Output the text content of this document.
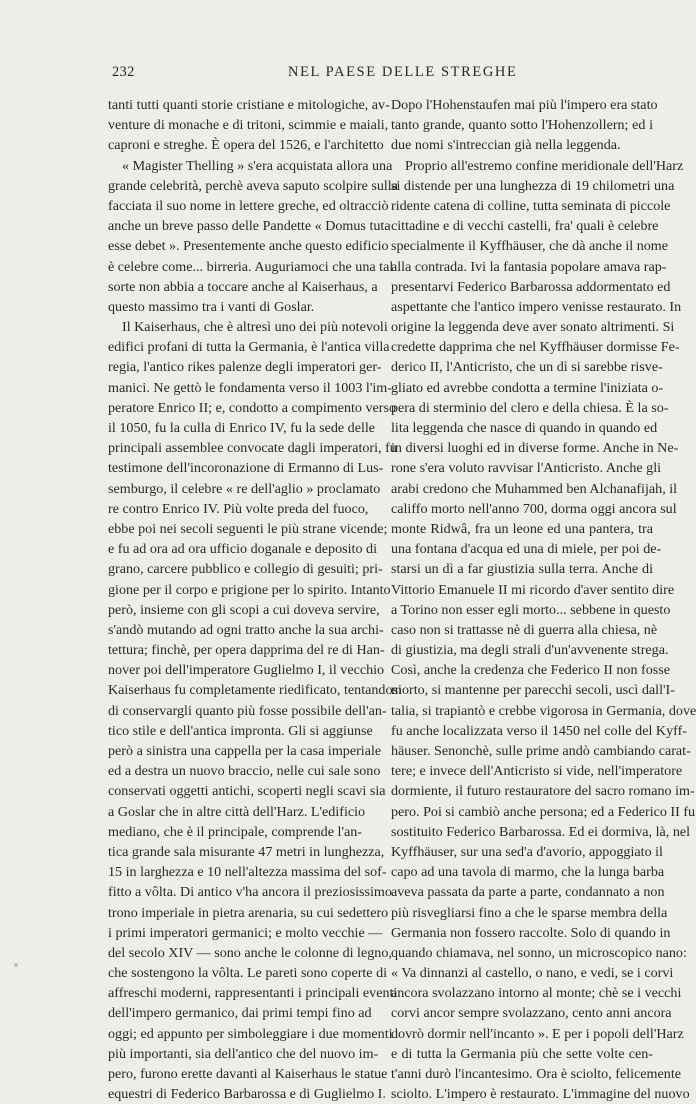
232	NEL PAESE DELLE STREGHE
tanti tutti quanti storie cristiane e mitologiche, av-
venture di monache e di tritoni, scimmie e maiali,
caproni e streghe. È opera del 1526, e l'architetto
« Magister Thelling » s'era acquistata allora una
grande celebrità, perchè aveva saputo scolpire sulla
facciata il suo nome in lettere greche, ed oltracciò
anche un breve passo delle Pandette « Domus tuta
esse debet ». Presentemente anche questo edificio
è celebre come... birreria. Auguriamoci che una tal
sorte non abbia a toccare anche al Kaiserhaus, a
questo massimo tra i vanti di Goslar.
Il Kaiserhaus, che è altresì uno dei più notevoli
edifici profani di tutta la Germania, è l'antica villa
regia, l'antico rikes palenze degli imperatori ger-
manici. Ne gettò le fondamenta verso il 1003 l'im-
peratore Enrico II; e, condotto a compimento verso
il 1050, fu la culla di Enrico IV, fu la sede delle
principali assemblee convocate dagli imperatori, fu
testimone dell'incoronazione di Ermanno di Lus-
semburgo, il celebre « re dell'aglio » proclamato
re contro Enrico IV. Più volte preda del fuoco,
ebbe poi nei secoli seguenti le più strane vicende;
e fu ad ora ad ora ufficio doganale e deposito di
grano, carcere pubblico e collegio di gesuiti; pri-
gione per il corpo e prigione per lo spirito. Intanto
però, insieme con gli scopi a cui doveva servire,
s'andò mutando ad ogni tratto anche la sua archi-
tettura; finchè, per opera dapprima del re di Han-
nover poi dell'imperatore Guglielmo I, il vecchio
Kaiserhaus fu completamente riedificato, tentandosi
di conservargli quanto più fosse possibile dell'an-
tico stile e dell'antica impronta. Gli si aggiunse
però a sinistra una cappella per la casa imperiale
ed a destra un nuovo braccio, nelle cui sale sono
conservati oggetti antichi, scoperti negli scavi sia
a Goslar che in altre città dell'Harz. L'edificio
mediano, che è il principale, comprende l'an-
tica grande sala misurante 47 metri in lunghezza,
15 in larghezza e 10 nell'altezza massima del sof-
fitto a vôlta. Di antico v'ha ancora il preziosissimo
trono imperiale in pietra arenaria, su cui sedettero
i primi imperatori germanici; e molto vecchie —
del secolo XIV — sono anche le colonne di legno,
che sostengono la vôlta. Le pareti sono coperte di
affreschi moderni, rappresentanti i principali eventi
dell'impero germanico, dai primi tempi fino ad
oggi; ed appunto per simboleggiare i due momenti
più importanti, sia dell'antico che del nuovo im-
pero, furono erette davanti al Kaiserhaus le statue
equestri di Federico Barbarossa e di Guglielmo I.
Dopo l'Hohenstaufen mai più l'impero era stato
tanto grande, quanto sotto l'Hohenzollern; ed i
due nomi s'intreccian già nella leggenda.
Proprio all'estremo confine meridionale dell'Harz
si distende per una lunghezza di 19 chilometri una
ridente catena di colline, tutta seminata di piccole
cittadine e di vecchi castelli, fra' quali è celebre
specialmente il Kyffhäuser, che dà anche il nome
alla contrada. Ivi la fantasia popolare amava rap-
presentarvi Federico Barbarossa addormentato ed
aspettante che l'antico impero venisse restaurato. In
origine la leggenda deve aver sonato altrimenti. Si
credette dapprima che nel Kyffhäuser dormisse Fe-
derico II, l'Anticristo, che un dì si sarebbe risve-
gliato ed avrebbe condotta a termine l'iniziata o-
pera di sterminio del clero e della chiesa. È la so-
lita leggenda che nasce di quando in quando ed
in diversi luoghi ed in diverse forme. Anche in Ne-
rone s'era voluto ravvisar l'Anticristo. Anche gli
arabi credono che Muhammed ben Alchanafijah, il
califfo morto nell'anno 700, dorma oggi ancora sul
monte Ridwâ, fra un leone ed una pantera, tra
una fontana d'acqua ed una di miele, per poi de-
starsi un dì a far giustizia sulla terra. Anche di
Vittorio Emanuele II mi ricordo d'aver sentito dire
a Torino non esser egli morto... sebbene in questo
caso non si trattasse nè di guerra alla chiesa, nè
di giustizia, ma degli strali d'un'avvenente strega.
Così, anche la credenza che Federico II non fosse
morto, si mantenne per parecchi secoli, uscì dall'I-
talia, si trapiantò e crebbe vigorosa in Germania, dove
fu anche localizzata verso il 1450 nel colle del Kyff-
häuser. Senonchè, sulle prime andò cambiando carat-
tere; e invece dell'Anticristo si vide, nell'imperatore
dormiente, il futuro restauratore del sacro romano im-
pero. Poi si cambiò anche persona; ed a Federico II fu
sostituito Federico Barbarossa. Ed ei dormiva, là, nel
Kyffhäuser, sur una sed'a d'avorio, appoggiato il
capo ad una tavola di marmo, che la lunga barba
aveva passata da parte a parte, condannato a non
più risvegliarsi fino a che le sparse membra della
Germania non fossero raccolte. Solo di quando in
quando chiamava, nel sonno, un microscopico nano:
« Va dinnanzi al castello, o nano, e vedi, se i corvi
ancora svolazzano intorno al monte; chè se i vecchi
corvi ancor sempre svolazzano, cento anni ancora
dovrò dormir nell'incanto ». E per i popoli dell'Harz
e di tutta la Germania più che sette volte cen-
t'anni durò l'incantesimo. Ora è sciolto, felicemente
sciolto. L'impero è restaurato. L'immagine del nuovo
